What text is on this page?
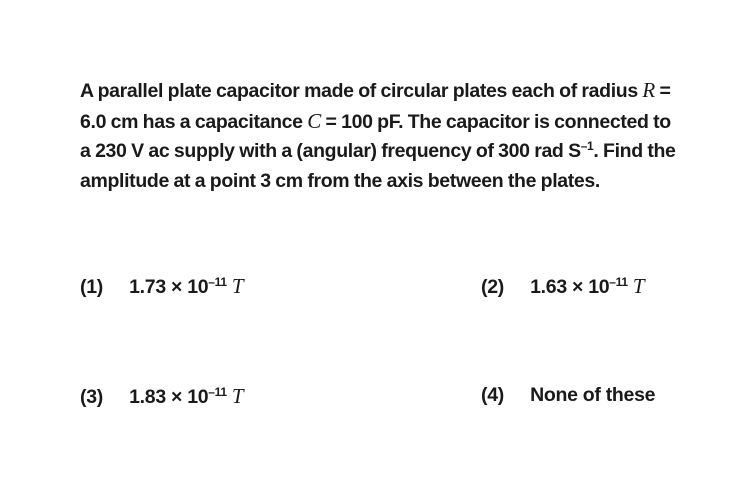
A parallel plate capacitor made of circular plates each of radius R = 6.0 cm has a capacitance C = 100 pF. The capacitor is connected to a 230 V ac supply with a (angular) frequency of 300 rad $S^{-1}$. Find the amplitude at a point 3 cm from the axis between the plates.
(1) $1.73 \times 10^{-11}$ T	(2) $1.63 \times 10^{-11}$ T
(3) $1.83 \times 10^{-11}$ T	(4) None of these
